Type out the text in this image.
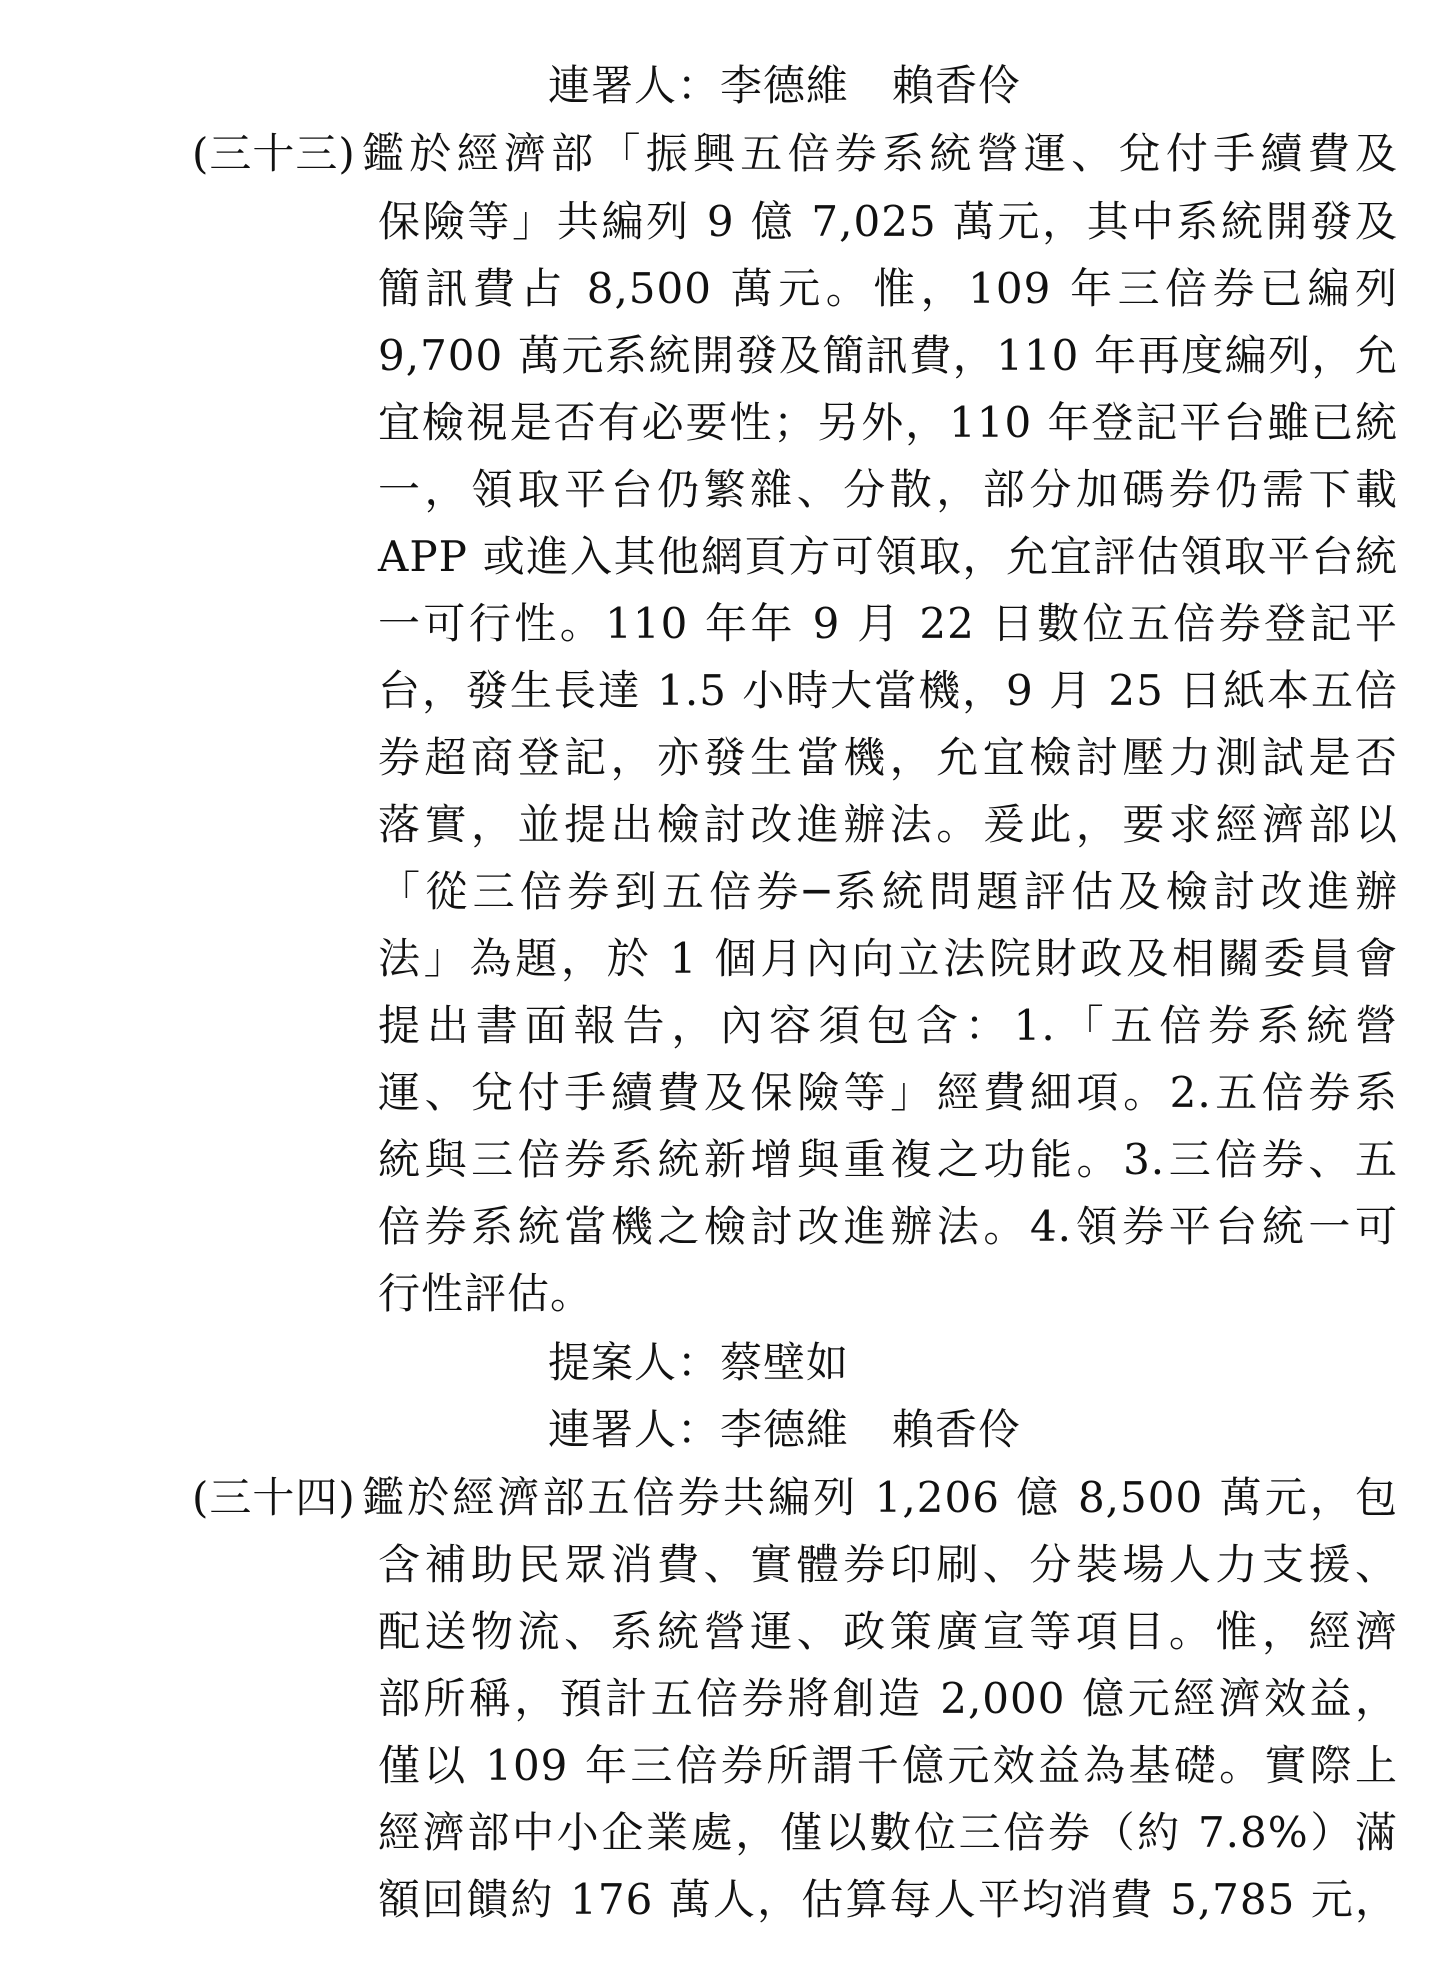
連署人：李德維　賴香伶
(三十三) 鑑於經濟部「振興五倍券系統營運、兌付手續費及
保險等」共編列 9 億 7,025 萬元，其中系統開發及
簡訊費占 8,500 萬元。惟，109 年三倍券已編列
9,700 萬元系統開發及簡訊費，110 年再度編列，允
宜檢視是否有必要性；另外，110 年登記平台雖已統
一，領取平台仍繁雜、分散，部分加碼券仍需下載
APP 或進入其他網頁方可領取，允宜評估領取平台統
一可行性。110 年年 9 月 22 日數位五倍券登記平
台，發生長達 1.5 小時大當機，9 月 25 日紙本五倍
券超商登記，亦發生當機，允宜檢討壓力測試是否
落實，並提出檢討改進辦法。爰此，要求經濟部以
「從三倍券到五倍券─系統問題評估及檢討改進辦
法」為題，於 1 個月內向立法院財政及相關委員會
提出書面報告，內容須包含：1.「五倍券系統營
運、兌付手續費及保險等」經費細項。2.五倍券系
統與三倍券系統新增與重複之功能。3.三倍券、五
倍券系統當機之檢討改進辦法。4.領券平台統一可
行性評估。
提案人：蔡壁如
連署人：李德維　賴香伶
(三十四) 鑑於經濟部五倍券共編列 1,206 億 8,500 萬元，包
含補助民眾消費、實體券印刷、分裝場人力支援、
配送物流、系統營運、政策廣宣等項目。惟，經濟
部所稱，預計五倍券將創造 2,000 億元經濟效益，
僅以 109 年三倍券所謂千億元效益為基礎。實際上
經濟部中小企業處，僅以數位三倍券（約 7.8%）滿
額回饋約 176 萬人，估算每人平均消費 5,785 元，
